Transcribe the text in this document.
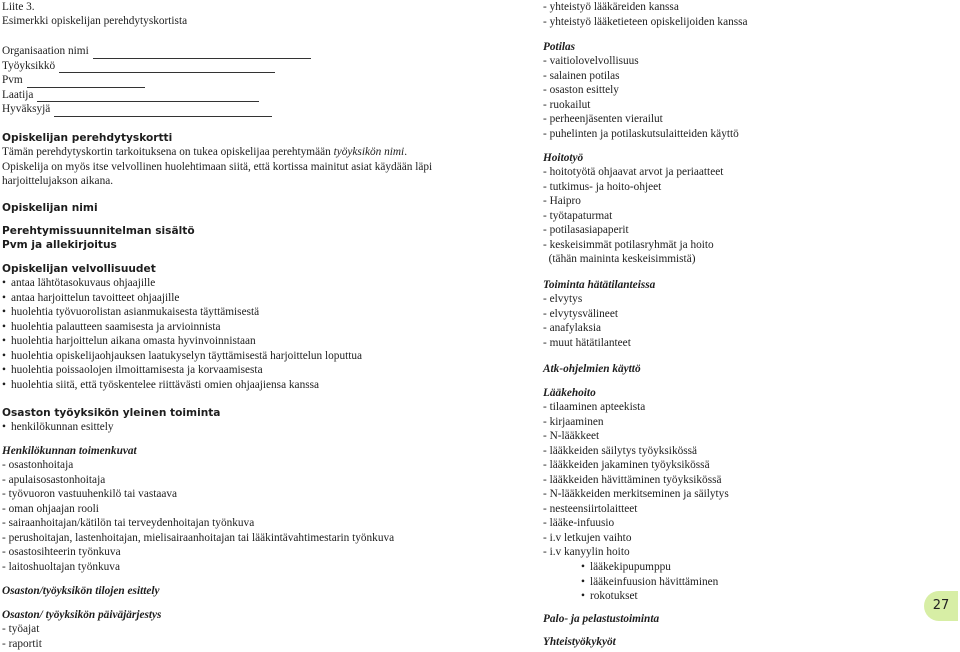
Liite 3.
Esimerkki opiskelijan perehdytyskortista
Organisaation nimi
Työyksikkö
Pvm
Laatija
Hyväksyjä
Opiskelijan perehdytyskortti
Tämän perehdytyskortin tarkoituksena on tukea opiskelijaa perehtymään työyksikön nimi. Opiskelija on myös itse velvollinen huolehtimaan siitä, että kortissa mainitut asiat käydään läpi harjoittelujakson aikana.
Opiskelijan nimi
Perehtymissuunnitelman sisältö
Pvm ja allekirjoitus
Opiskelijan velvollisuudet
• antaa lähtötasokuvaus ohjaajille
• antaa harjoittelun tavoitteet ohjaajille
• huolehtia työvuorolistan asianmukaisesta täyttämisestä
• huolehtia palautteen saamisesta ja arvioinnista
• huolehtia harjoittelun aikana omasta hyvinvoinnistaan
• huolehtia opiskelijaohjauksen laatukyselyn täyttämisestä harjoittelun loputtua
• huolehtia poissaolojen ilmoittamisesta ja korvaamisesta
• huolehtia siitä, että työskentelee riittävästi omien ohjaajiensa kanssa
Osaston työyksikön yleinen toiminta
• henkilökunnan esittely
Henkilökunnan toimenkuvat
- osastonhoitaja
- apulaisosastonhoitaja
- työvuoron vastuuhenkilö tai vastaava
- oman ohjaajan rooli
- sairaanhoitajan/kätilön tai terveydenhoitajan työnkuva
- perushoitajan, lastenhoitajan, mielisairaanhoitajan tai lääkintävahtimestarin työnkuva
- osastosihteerin työnkuva
- laitoshuoltajan työnkuva
Osaston/työyksikön tilojen esittely
Osaston/ työyksikön päiväjärjestys
- työajat
- raportit
- yhteistyö lääkäreiden kanssa
- yhteistyö lääketieteen opiskelijoiden kanssa
Potilas
- vaitiolovelvollisuus
- salainen potilas
- osaston esittely
- ruokailut
- perheenjäsenten vierailut
- puhelinten ja potilaskutsulaitteiden käyttö
Hoitotyö
- hoitotyötä ohjaavat arvot ja periaatteet
- tutkimus- ja hoito-ohjeet
- Haipro
- työtapaturmat
- potilasasiapaperit
- keskeisimmät potilasryhmät ja hoito
(tähän maininta keskeisimmistä)
Toiminta hätätilanteissa
- elvytys
- elvytysvälineet
- anafylaksia
- muut hätätilanteet
Atk-ohjelmien käyttö
Lääkehoito
- tilaaminen apteekista
- kirjaaminen
- N-lääkkeet
- lääkkeiden säilytys työyksikössä
- lääkkeiden jakaminen työyksikössä
- lääkkeiden hävittäminen työyksikössä
- N-lääkkeiden merkitseminen ja säilytys
- nesteensiirtolaitteet
- lääke-infuusio
- i.v letkujen vaihto
- i.v kanyylin hoito
• lääkekipupumppu
• lääkeinfuusion hävittäminen
• rokotukset
Palo- ja pelastustoiminta
Yhteistyökykyöt
27
